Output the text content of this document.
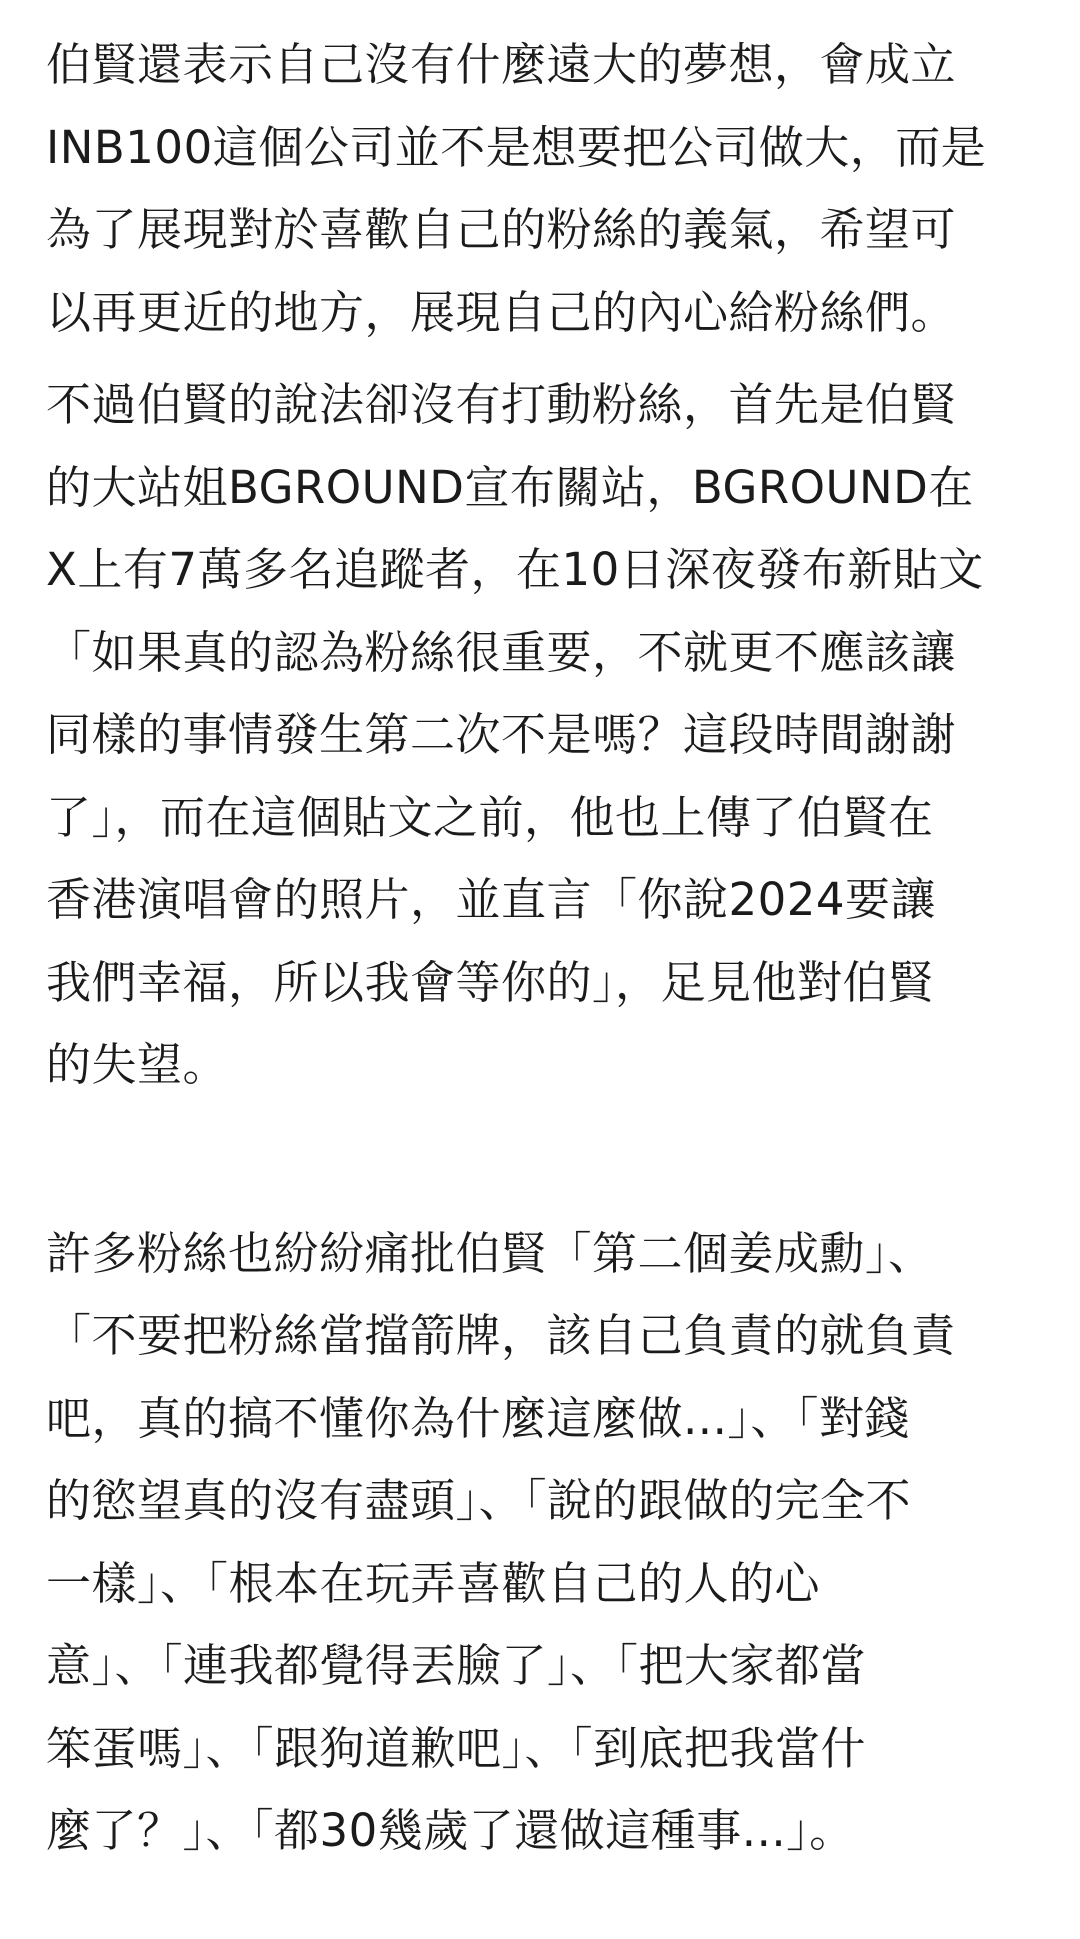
伯賢還表示自己沒有什麼遠大的夢想，會成立
INB100這個公司並不是想要把公司做大，而是
為了展現對於喜歡自己的粉絲的義氣，希望可
以再更近的地方，展現自己的內心給粉絲們。
不過伯賢的說法卻沒有打動粉絲，首先是伯賢
的大站姐BGROUND宣布關站，BGROUND在
X上有7萬多名追蹤者，在10日深夜發布新貼文
「如果真的認為粉絲很重要，不就更不應該讓
同樣的事情發生第二次不是嗎？這段時間謝謝
了」，而在這個貼文之前，他也上傳了伯賢在
香港演唱會的照片，並直言「你說2024要讓
我們幸福，所以我會等你的」，足見他對伯賢
的失望。
許多粉絲也紛紛痛批伯賢「第二個姜成勳」、
「不要把粉絲當擋箭牌，該自己負責的就負責
吧，真的搞不懂你為什麼這麼做...」、「對錢
的慾望真的沒有盡頭」、「說的跟做的完全不
一樣」、「根本在玩弄喜歡自己的人的心
意」、「連我都覺得丟臉了」、「把大家都當
笨蛋嗎」、「跟狗道歉吧」、「到底把我當什
麼了？」、「都30幾歲了還做這種事...」。
